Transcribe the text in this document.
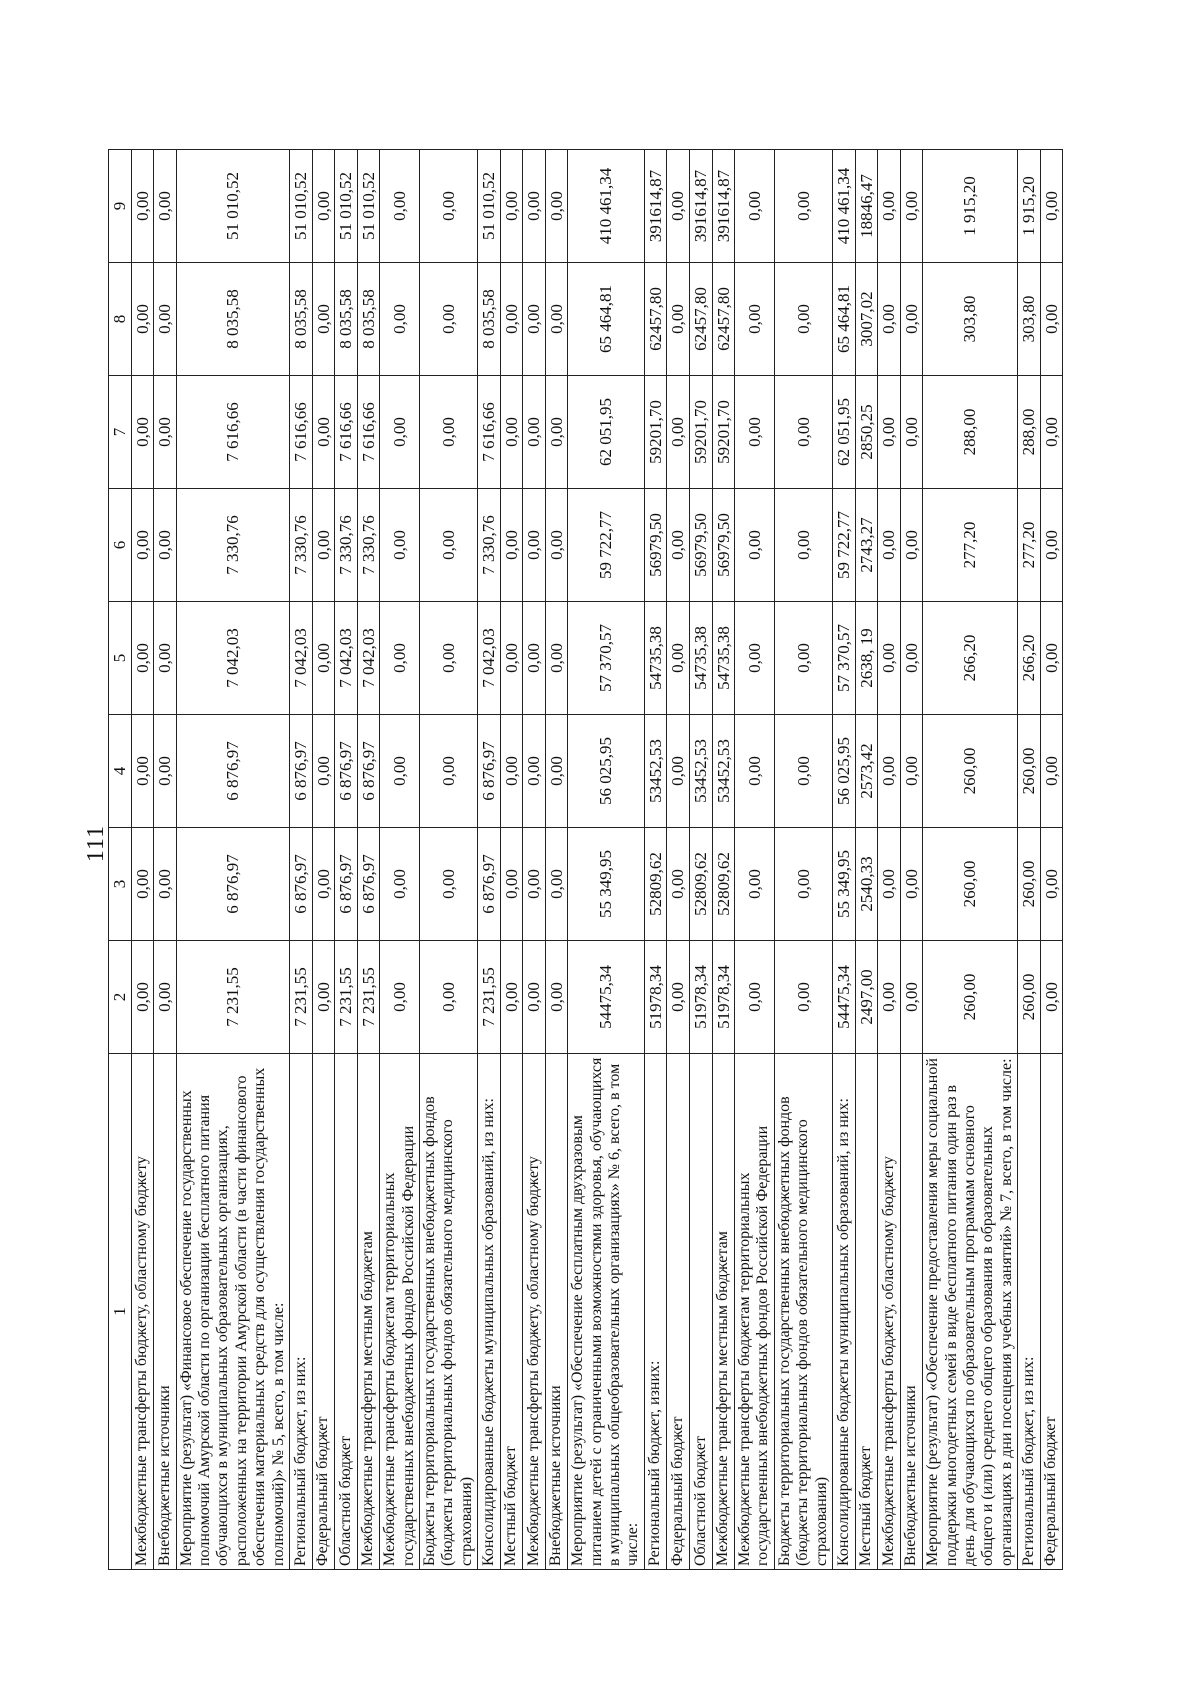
111
1	2	3	4	5	6	7	8	9
Межбюджетные трансферты бюджету, областному бюджету	0,00	0,00	0,00	0,00	0,00	0,00	0,00	0,00
Внебюджетные источники	0,00	0,00	0,00	0,00	0,00	0,00	0,00	0,00
Мероприятие (результат) «Финансовое обеспечение государственных полномочий Амурской области по организации бесплатного питания обучающихся в муниципальных образовательных организациях, расположенных на территории Амурской области (в части финансового обеспечения материальных средств для осуществления государственных полномочий)» № 5, всего, в том числе:	7 231,55	6 876,97	6 876,97	7 042,03	7 330,76	7 616,66	8 035,58	51 010,52
Региональный бюджет, из них:	7 231,55	6 876,97	6 876,97	7 042,03	7 330,76	7 616,66	8 035,58	51 010,52
Федеральный бюджет	0,00	0,00	0,00	0,00	0,00	0,00	0,00	0,00
Областной бюджет	7 231,55	6 876,97	6 876,97	7 042,03	7 330,76	7 616,66	8 035,58	51 010,52
Межбюджетные трансферты местным бюджетам	7 231,55	6 876,97	6 876,97	7 042,03	7 330,76	7 616,66	8 035,58	51 010,52
Межбюджетные трансферты бюджетам территориальных государственных внебюджетных фондов Российской Федерации	0,00	0,00	0,00	0,00	0,00	0,00	0,00	0,00
Бюджеты территориальных государственных внебюджетных фондов (бюджеты территориальных фондов обязательного медицинского страхования)	0,00	0,00	0,00	0,00	0,00	0,00	0,00	0,00
Консолидированные бюджеты муниципальных образований, из них:	7 231,55	6 876,97	6 876,97	7 042,03	7 330,76	7 616,66	8 035,58	51 010,52
Местный бюджет	0,00	0,00	0,00	0,00	0,00	0,00	0,00	0,00
Межбюджетные трансферты бюджету, областному бюджету	0,00	0,00	0,00	0,00	0,00	0,00	0,00	0,00
Внебюджетные источники	0,00	0,00	0,00	0,00	0,00	0,00	0,00	0,00
Мероприятие (результат) «Обеспечение бесплатным двухразовым питанием детей с ограниченными возможностями здоровья, обучающихся в муниципальных общеобразовательных организациях» № 6, всего, в том числе:	54475,34	55 349,95	56 025,95	57 370,57	59 722,77	62 051,95	65 464,81	410 461,34
Региональный бюджет, изних:	51978,34	52809,62	53452,53	54735,38	56979,50	59201,70	62457,80	391614,87
Федеральный бюджет	0,00	0,00	0,00	0,00	0,00	0,00	0,00	0,00
Областной бюджет	51978,34	52809,62	53452,53	54735,38	56979,50	59201,70	62457,80	391614,87
Межбюджетные трансферты местным бюджетам	51978,34	52809,62	53452,53	54735,38	56979,50	59201,70	62457,80	391614,87
Межбюджетные трансферты бюджетам территориальных государственных внебюджетных фондов Российской Федерации	0,00	0,00	0,00	0,00	0,00	0,00	0,00	0,00
Бюджеты территориальных государственных внебюджетных фондов (бюджеты территориальных фондов обязательного медицинского страхования)	0,00	0,00	0,00	0,00	0,00	0,00	0,00	0,00
Консолидированные бюджеты муниципальных образований, из них:	54475,34	55 349,95	56 025,95	57 370,57	59 722,77	62 051,95	65 464,81	410 461,34
Местный бюджет	2497,00	2540,33	2573,42	2638, 19	2743,27	2850,25	3007,02	18846,47
Межбюджетные трансферты бюджету, областному бюджету	0,00	0,00	0,00	0,00	0,00	0,00	0,00	0,00
Внебюджетные источники	0,00	0,00	0,00	0,00	0,00	0,00	0,00	0,00
Мероприятие (результат) «Обеспечение предоставления меры социальной поддержки многодетных семей в виде бесплатного питания один раз в день для обучающихся по образовательным программам основного общего и (или) среднего общего образования в образовательных организациях в дни посещения учебных занятий» № 7, всего, в том числе:	260,00	260,00	260,00	266,20	277,20	288,00	303,80	1 915,20
Региональный бюджет, из них:	260,00	260,00	260,00	266,20	277,20	288,00	303,80	1 915,20
Федеральный бюджет	0,00	0,00	0,00	0,00	0,00	0,00	0,00	0,00
